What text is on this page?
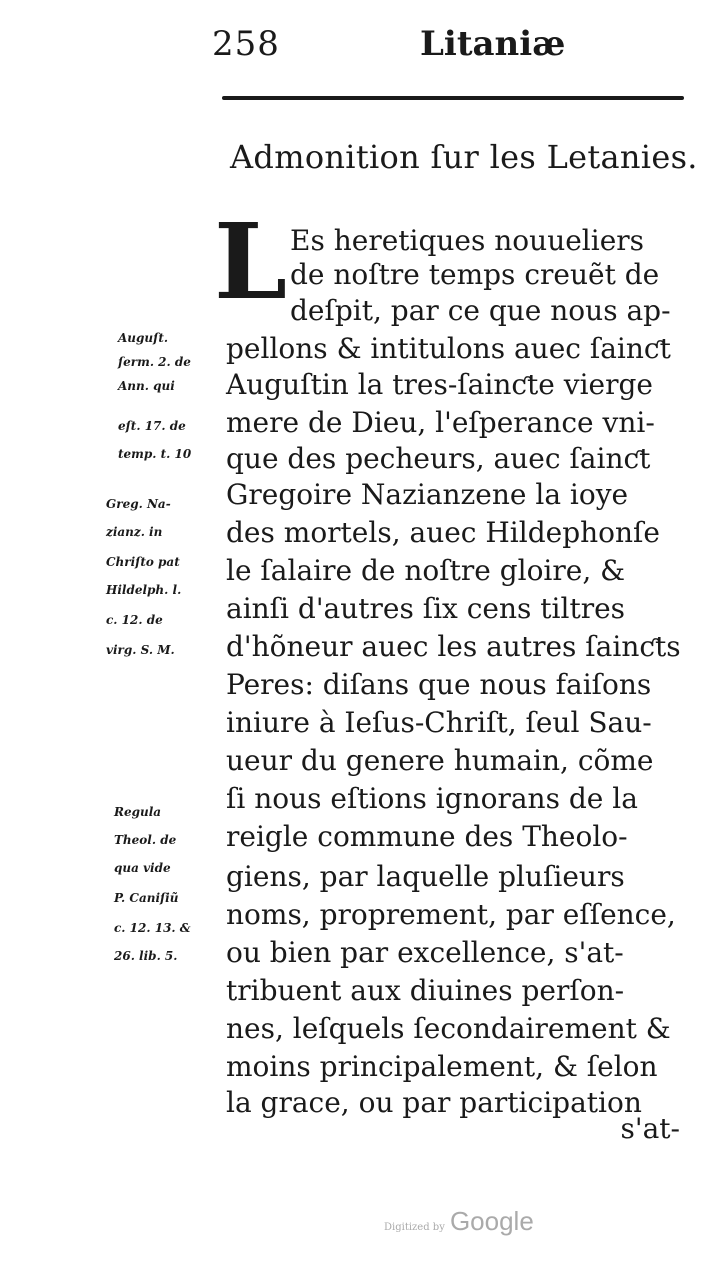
258	Litaniæ
Admonition ſur les Letanies.
L Es heretiques nouueliers
de noſtre temps creuẽt de
deſpit, par ce que nous ap-
pellons & intitulons auec ſainƈt
Auguſtin la tres-ſainƈte vierge
mere de Dieu, l'eſperance vni-
que des pecheurs, auec ſainƈt
Gregoire Nazianzene la ioye
des mortels, auec Hildephonſe
le ſalaire de noſtre gloire, &
ainſi d'autres ſix cens tiltres
d'hõneur auec les autres ſainƈts
Peres: diſans que nous faiſons
iniure à Ieſus-Chriſt, ſeul Sau-
ueur du genere humain, cõme
ſi nous eſtions ignorans de la
reigle commune des Theolo-
giens, par laquelle pluſieurs
noms, proprement, par eſſence,
ou bien par excellence, s'at-
tribuent aux diuines perſon-
nes, leſquels ſecondairement &
moins principalement, & ſelon
la grace, ou par participation
s'at-
Auguſt.
ſerm. 2. de
Ann. qui
eſt. 17. de
temp. t. 10
Greg. Na-
zianz. in
Chriſto pat
Hildelph. l.
c. 12. de
virg. S. M.
Regula
Theol. de
qua vide
P. Caniſiũ
c. 12. 13. &
26. lib. 5.
Digitized by Google
